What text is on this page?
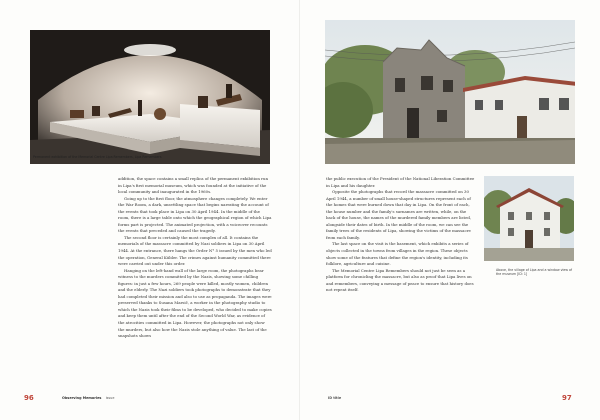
Permanent exhibition of the Memorial Centre Lipa Remembers, Lipa Remembers

addition, the space contains a small replica of the permanent exhibition run in Lipa's first memorial museum, which was founded at the initiative of the local community and inaugurated in the 1960s.

Going up to the first floor, the atmosphere changes completely. We enter the War Room, a dark, unsettling space that begins narrating the account of the events that took place in Lipa on 30 April 1944. In the middle of the room, there is a large table onto which the geographical region of which Lipa forms part is projected. The animated projection, with a voiceover recounts the events that preceded and caused the tragedy.

The second floor is certainly the most complex of all. It contains the memorials of the massacre committed by Nazi soldiers in Lipa on 30 April 1944. At the entrance, there hangs the Order N° 5 issued by the men who led the operation, General Kübler. The crimes against humanity committed there were carried out under this order.

Hanging on the left-hand wall of the large room, the photographs bear witness to the murders committed by the Nazis, showing some chilling figures: in just a few hours, 269 people were killed, mostly women, children and the elderly. The Nazi soldiers took photographs to demonstrate that they had completed their mission and also to use as propaganda. The images were preserved thanks to Susana Marsič, a worker in the photography studio to which the Nazis took their films to be developed, who decided to make copies and keep them until after the end of the Second World War, as evidence of the atrocities committed in Lipa. However, the photographs not only show the murders, but also how the Nazis stole anything of value. The last of the snapshots shows

96	Observing Memories issue

the public execution of the President of the National Liberation Committee in Lipa and his daughter.

Opposite the photographs that record the massacre committed on 30 April 1944, a number of small house-shaped structures represent each of the homes that were burned down that day in Lipa. On the front of each, the house number and the family's surnames are written, while, on the back of the house, the names of the murdered family members are listed, alongside their dates of birth. In the middle of the room, we can see the family trees of the residents of Lipa, showing the victims of the massacre from each family.

The last space on the visit is the basement, which exhibits a series of objects collected in the towns from villages in the region. These objects show some of the features that define the region's identity, including its folklore, agriculture and cuisine.

The Memorial Centre Lipa Remembers should not just be seen as a platform for chronicling the massacre, but also as proof that Lipa lives on and remembers, conveying a message of peace to ensure that history does not repeat itself.

Above, the village of Lipa and a window view of the museum [ID: 1]

ID title	97
